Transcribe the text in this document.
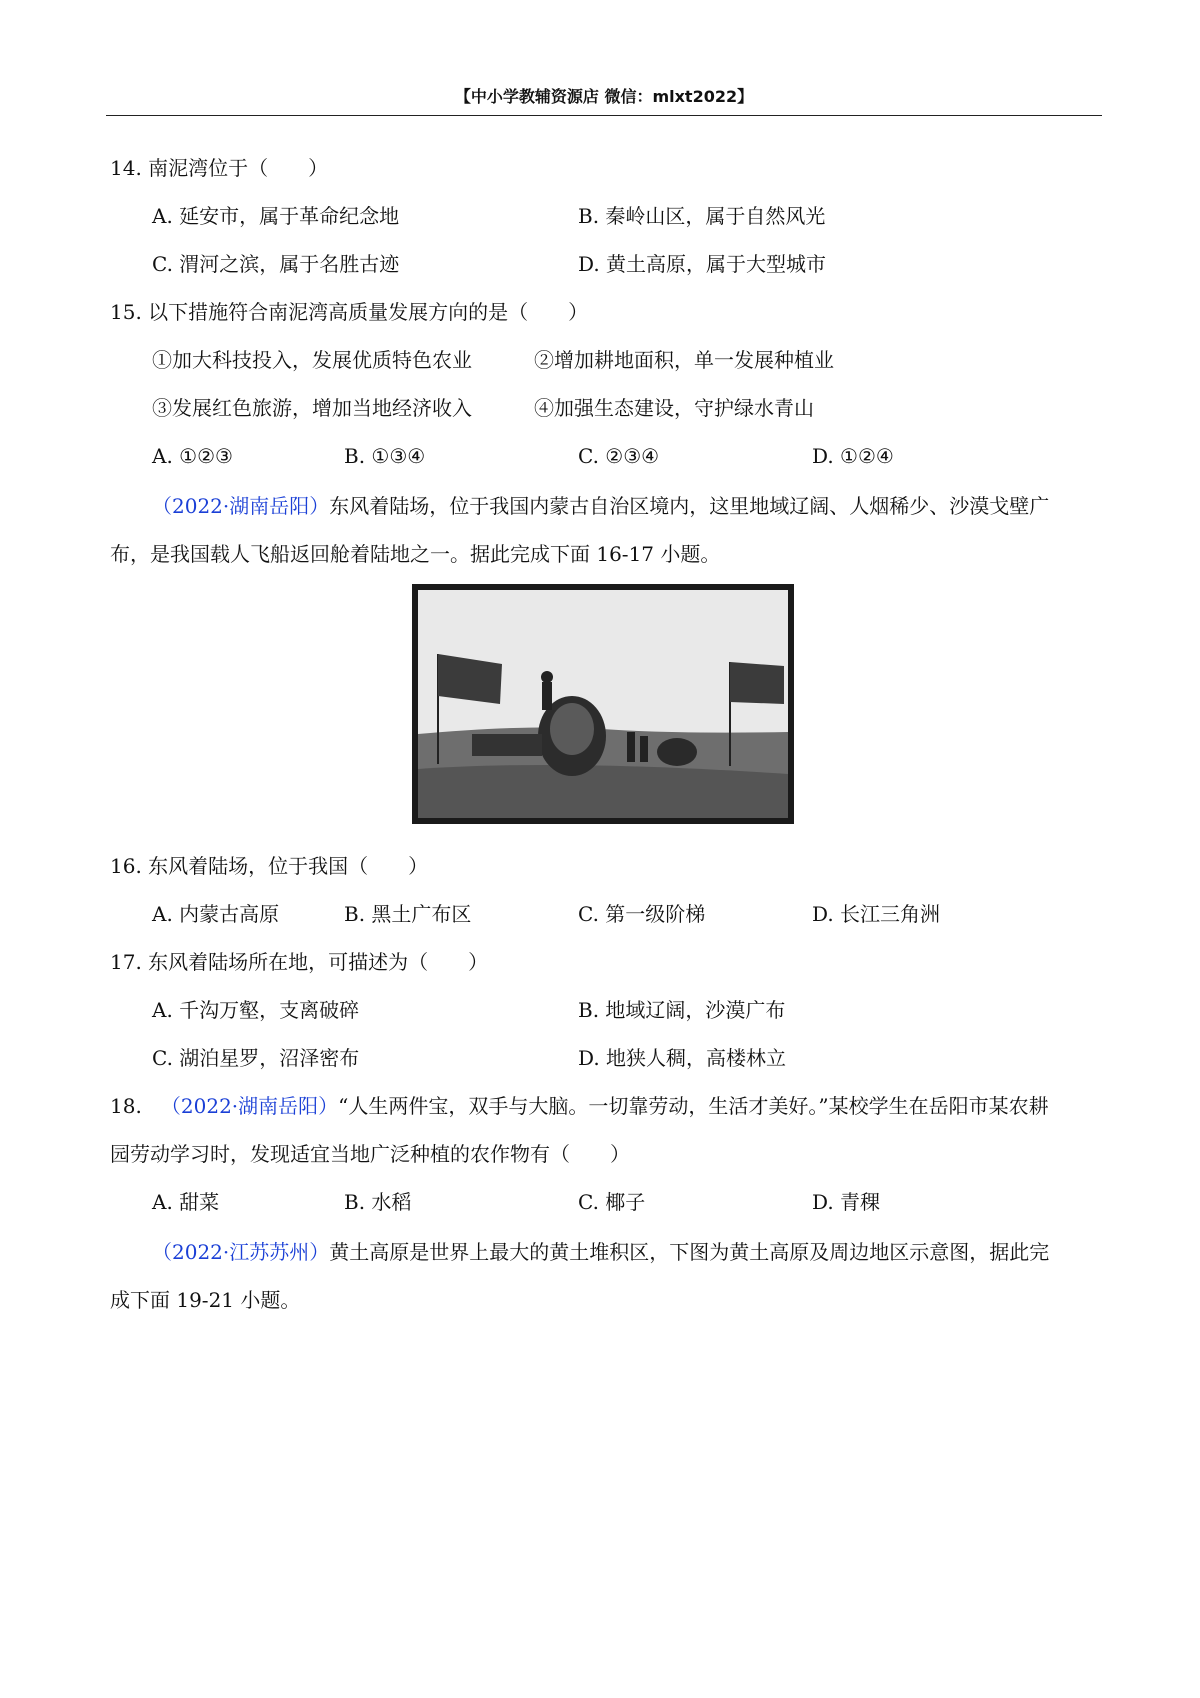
【中小学教辅资源店 微信：mlxt2022】
14. 南泥湾位于（　　）
A. 延安市，属于革命纪念地	B. 秦岭山区，属于自然风光
C. 渭河之滨，属于名胜古迹	D. 黄土高原，属于大型城市
15. 以下措施符合南泥湾高质量发展方向的是（　　）
①加大科技投入，发展优质特色农业	②增加耕地面积，单一发展种植业
③发展红色旅游，增加当地经济收入	④加强生态建设，守护绿水青山
A. ①②③	B. ①③④	C. ②③④	D. ①②④
（2022·湖南岳阳）东风着陆场，位于我国内蒙古自治区境内，这里地域辽阔、人烟稀少、沙漠戈壁广
布，是我国载人飞船返回舱着陆地之一。据此完成下面 16-17 小题。
16. 东风着陆场，位于我国（　　）
A. 内蒙古高原	B. 黑土广布区	C. 第一级阶梯	D. 长江三角洲
17. 东风着陆场所在地，可描述为（　　）
A. 千沟万壑，支离破碎	B. 地域辽阔，沙漠广布
C. 湖泊星罗，沼泽密布	D. 地狭人稠，高楼林立
18. （2022·湖南岳阳）“人生两件宝，双手与大脑。一切靠劳动，生活才美好。”某校学生在岳阳市某农耕
园劳动学习时，发现适宜当地广泛种植的农作物有（　　）
A. 甜菜	B. 水稻	C. 椰子	D. 青稞
（2022·江苏苏州）黄土高原是世界上最大的黄土堆积区，下图为黄土高原及周边地区示意图，据此完
成下面 19-21 小题。
